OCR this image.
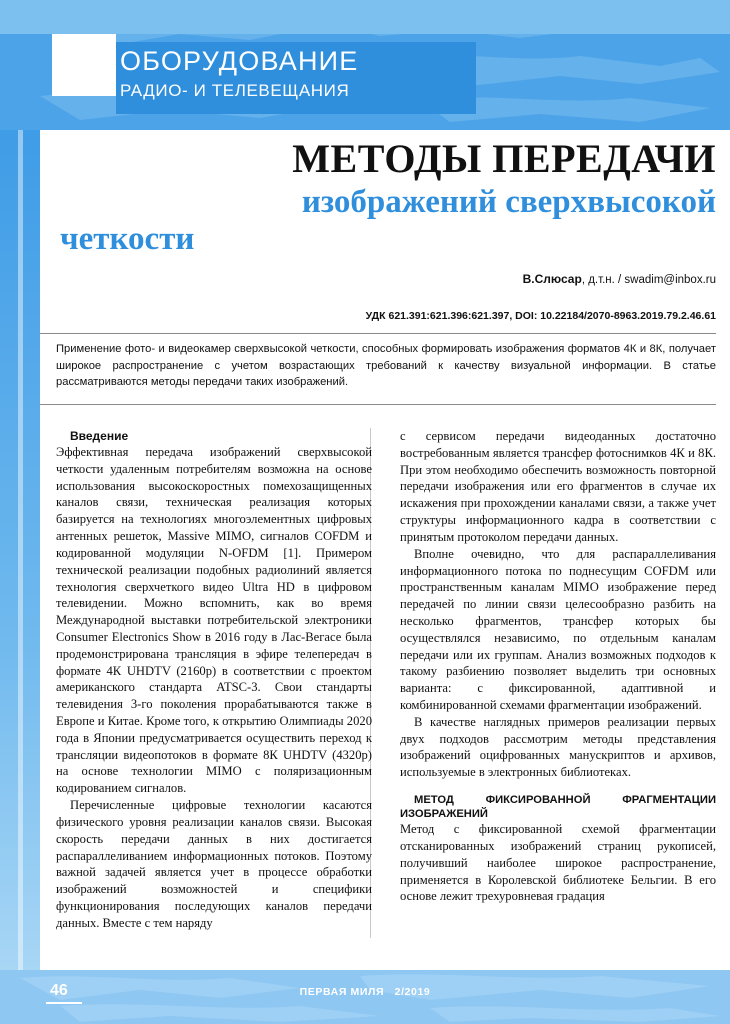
ОБОРУДОВАНИЕ
РАДИО- И ТЕЛЕВЕЩАНИЯ
МЕТОДЫ ПЕРЕДАЧИ
изображений сверхвысокой
четкости
В.Слюсар, д.т.н. / swadim@inbox.ru
УДК 621.391:621.396:621.397, DOI: 10.22184/2070-8963.2019.79.2.46.61
Применение фото- и видеокамер сверхвысокой четкости, способных формировать изображения форматов 4К и 8К, получает широкое распространение с учетом возрастающих требований к качеству визуальной информации. В статье рассматриваются методы передачи таких изображений.

Введение

Эффективная передача изображений сверхвысокой четкости удаленным потребителям возможна на основе использования высокоскоростных помехозащищенных каналов связи, техническая реализация которых базируется на технологиях многоэлементных цифровых антенных решеток, Massive MIMO, сигналов COFDM и кодированной модуляции N-OFDM [1]. Примером технической реализации подобных радиолиний является технология сверхчеткого видео Ultra HD в цифровом телевидении. Можно вспомнить, как во время Международной выставки потребительской электроники Consumer Electronics Show в 2016 году в Лас-Вегасе была продемонстрирована трансляция в эфире телепередач в формате 4К UHDTV (2160р) в соответствии с проектом американского стандарта ATSC-3. Свои стандарты телевидения 3-го поколения прорабатываются также в Европе и Китае. Кроме того, к открытию Олимпиады 2020 года в Японии предусматривается осуществить переход к трансляции видеопотоков в формате 8К UHDTV (4320р) на основе технологии MIMO с поляризационным кодированием сигналов.

Перечисленные цифровые технологии касаются физического уровня реализации каналов связи. Высокая скорость передачи данных в них достигается распараллеливанием информационных потоков. Поэтому важной задачей является учет в процессе обработки изображений возможностей и специфики функционирования последующих каналов передачи данных. Вместе с тем наряду

с сервисом передачи видеоданных достаточно востребованным является трансфер фотоснимков 4К и 8К. При этом необходимо обеспечить возможность повторной передачи изображения или его фрагментов в случае их искажения при прохождении каналами связи, а также учет структуры информационного кадра в соответствии с принятым протоколом передачи данных.

Вполне очевидно, что для распараллеливания информационного потока по поднесущим COFDM или пространственным каналам MIMO изображение перед передачей по линии связи целесообразно разбить на несколько фрагментов, трансфер которых бы осуществлялся независимо, по отдельным каналам передачи или их группам. Анализ возможных подходов к такому разбиению позволяет выделить три основных варианта: с фиксированной, адаптивной и комбинированной схемами фрагментации изображений.

В качестве наглядных примеров реализации первых двух подходов рассмотрим методы представления изображений оцифрованных манускриптов и архивов, используемые в электронных библиотеках.

МЕТОД ФИКСИРОВАННОЙ ФРАГМЕНТАЦИИ ИЗОБРАЖЕНИЙ

Метод с фиксированной схемой фрагментации отсканированных изображений страниц рукописей, получивший наиболее широкое распространение, применяется в Королевской библиотеке Бельгии. В его основе лежит трехуровневая градация

46	ПЕРВАЯ МИЛЯ 2/2019
